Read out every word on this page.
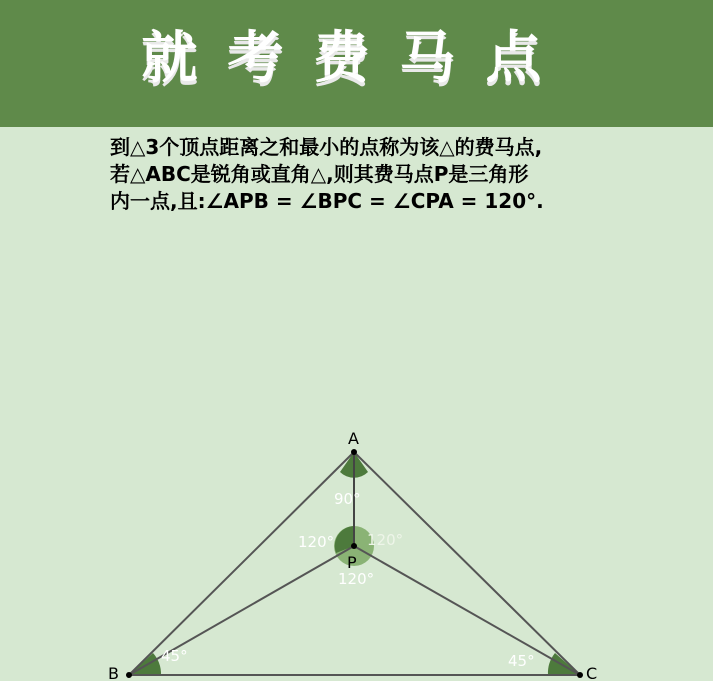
就考费马点
到△3个顶点距离之和最小的点称为该△的费马点,
若△ABC是锐角或直角△,则其费马点P是三角形
内一点,且:∠APB = ∠BPC = ∠CPA = 120°.
A
P
B	C
90°
120° 120°
120°
45°	45°
